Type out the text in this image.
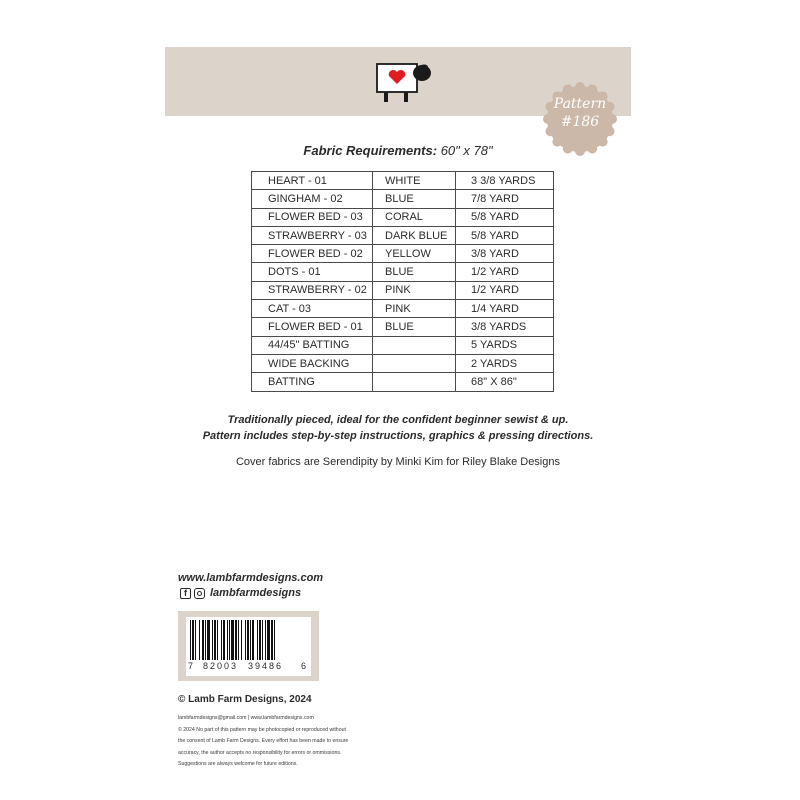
Pattern
#186
Fabric Requirements: 60" x 78"
HEART - 01	WHITE	3 3/8 YARDS
GINGHAM - 02	BLUE	7/8 YARD
FLOWER BED - 03	CORAL	5/8 YARD
STRAWBERRY - 03	DARK BLUE	5/8 YARD
FLOWER BED - 02	YELLOW	3/8 YARD
DOTS - 01	BLUE	1/2 YARD
STRAWBERRY - 02	PINK	1/2 YARD
CAT - 03	PINK	1/4 YARD
FLOWER BED - 01	BLUE	3/8 YARDS
44/45" BATTING		5 YARDS
WIDE BACKING		2 YARDS
BATTING		68" X 86"
Traditionally pieced, ideal for the confident beginner sewist & up.
Pattern includes step-by-step instructions, graphics & pressing directions.
Cover fabrics are Serendipity by Minki Kim for Riley Blake Designs
www.lambfarmdesigns.com
f	lambfarmdesigns
7 82003 39486 6
© Lamb Farm Designs, 2024
lambfarmdesigns@gmail.com | www.lambfarmdesigns.com
© 2024 No part of this pattern may be photocopied or reproduced without
the consent of Lamb Farm Designs. Every effort has been made to ensure
accuracy, the author accepts no responsibility for errors or ommissions.
Suggestions are always welcome for future editions.
